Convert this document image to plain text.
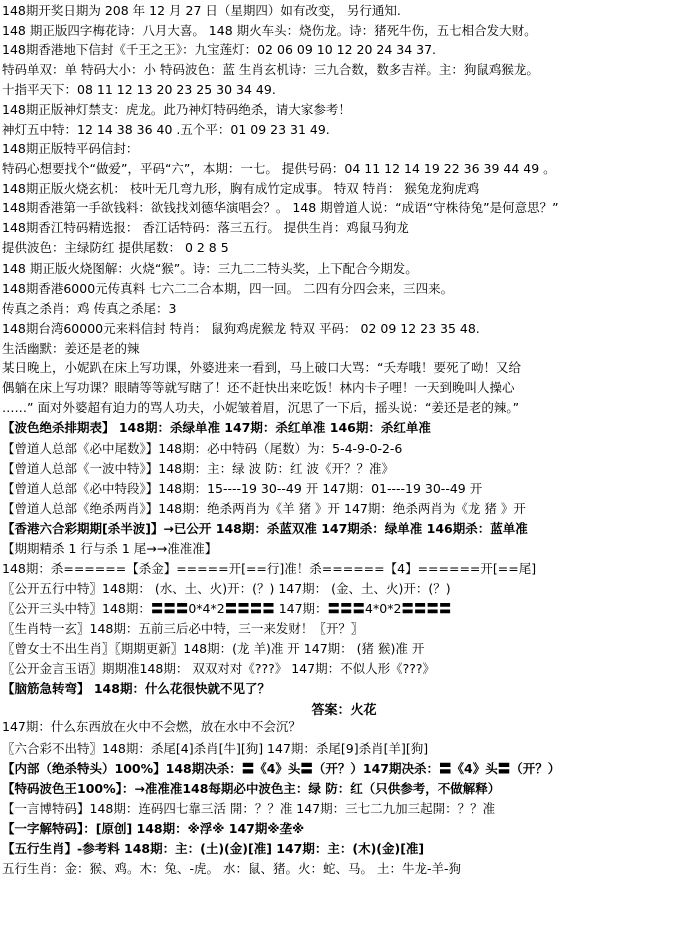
148期开奖日期为 208 年 12 月 27 日（星期四）如有改变， 另行通知.
148 期正版四字梅花诗：八月大喜。 148 期火车头：烧伤龙。诗：猪死牛伤，五七相合发大财。
148期香港地下信封《千王之王》：九宝莲灯：02 06 09 10 12 20 24 34 37.
特码单双：单 特码大小：小 特码波色：蓝 生肖玄机诗：三九合数，数多吉祥。主：狗鼠鸡猴龙。
十指平天下：08 11 12 13 20 23 25 30 34 49.
148期正版神灯禁支：虎龙。此乃神灯特码绝杀，请大家参考！
神灯五中特：12 14 38 36 40 .五个平：01 09 23 31 49.
148期正版特平码信封：
特码心想要找个“做爱”，平码“六”，本期：一七。 提供号码：04 11 12 14 19 22 36 39 44 49 。
148期正版火烧玄机： 枝叶无几弯九形，胸有成竹定成事。 特双 特肖： 猴兔龙狗虎鸡
148期香港第一手欲钱料：欲钱找刘德华演唱会？。 148 期曾道人说：“成语“守株待兔”是何意思？”
148期香江特码精选报： 香江话特码：落三五行。 提供生肖：鸡鼠马狗龙
提供波色：主绿防红 提供尾数： 0 2 8 5
148 期正版火烧图解：火烧“猴”。诗：三九二二特头奖，上下配合今期发。
148期香港6000元传真料 七六二二合本期，四一回。 二四有分四会来，三四来。
传真之杀肖：鸡 传真之杀尾：3
148期台湾60000元来料信封 特肖： 鼠狗鸡虎猴龙 特双 平码： 02 09 12 23 35 48.
生活幽默：姜还是老的辣
某日晚上，小妮趴在床上写功课，外婆进来一看到，马上破口大骂：“夭寿哦！要死了呦！又给
偶躺在床上写功课？眼睛等等就写瞎了！还不赶快出来吃饭！林内卡子哩！一天到晚叫人操心
……” 面对外婆超有迫力的骂人功夫，小妮皱着眉，沉思了一下后，摇头说：“姜还是老的辣。”
【波色绝杀排期表】 148期：杀绿单准 147期：杀红单准 146期：杀红单准
【曾道人总部《必中尾数》】148期：必中特码（尾数）为：5-4-9-0-2-6
【曾道人总部《一波中特》】148期：主：绿 波 防：红 波《开？？准》
【曾道人总部《必中特段》】148期：15----19 30--49 开 147期：01----19 30--49 开
【曾道人总部《绝杀两肖》】148期：绝杀两肖为《羊 猪 》开 147期：绝杀两肖为《龙 猪 》开
【香港六合彩期期[杀半波]】→已公开 148期：杀蓝双准 147期杀：绿单准 146期杀：蓝单准
【期期精杀 1 行与杀 1 尾→→准准准】
148期：杀======【杀金】=====开[==行]准！杀======【4】======开[==尾]
〖公开五行中特〗148期： (水、土、火)开：(？) 147期： (金、土、火)开：(？)
〖公开三头中特〗148期：〓〓〓0*4*2〓〓〓〓 147期：〓〓〓4*0*2〓〓〓〓
〖生肖特一玄〗148期：五前三后必中特，三一来发财！〖开？〗
〖曾女士不出生肖〗〖期期更新〗148期：(龙 羊)准 开 147期： (猪 猴)准 开
〖公开金言玉语〗期期准148期： 双双对对《???》 147期：不似人形《???》
【脑筋急转弯】 148期：什么花很快就不见了？
答案：火花
147期：什么东西放在火中不会燃，放在水中不会沉？
〖六合彩不出特〗148期：杀尾[4]杀肖[牛][狗] 147期：杀尾[9]杀肖[羊][狗]
【内部（绝杀特头）100%】148期决杀：〓《4》头〓（开？）147期决杀：〓《4》头〓（开？）
【特码波色王100%】：→准准准148每期必中波色主：绿 防：红（只供参考，不做解释）
【一言博特码】148期：连码四七靠三活 開：？？准 147期：三七二九加三起開：？？准
【一字解特码】：[原创] 148期：※浮※ 147期※垄※
【五行生肖】-参考料 148期：主：(土)(金)[准] 147期：主：(木)(金)[准]
五行生肖：金：猴、鸡。木：兔、-虎。 水：鼠、猪。火：蛇、马。 土：牛龙-羊-狗
